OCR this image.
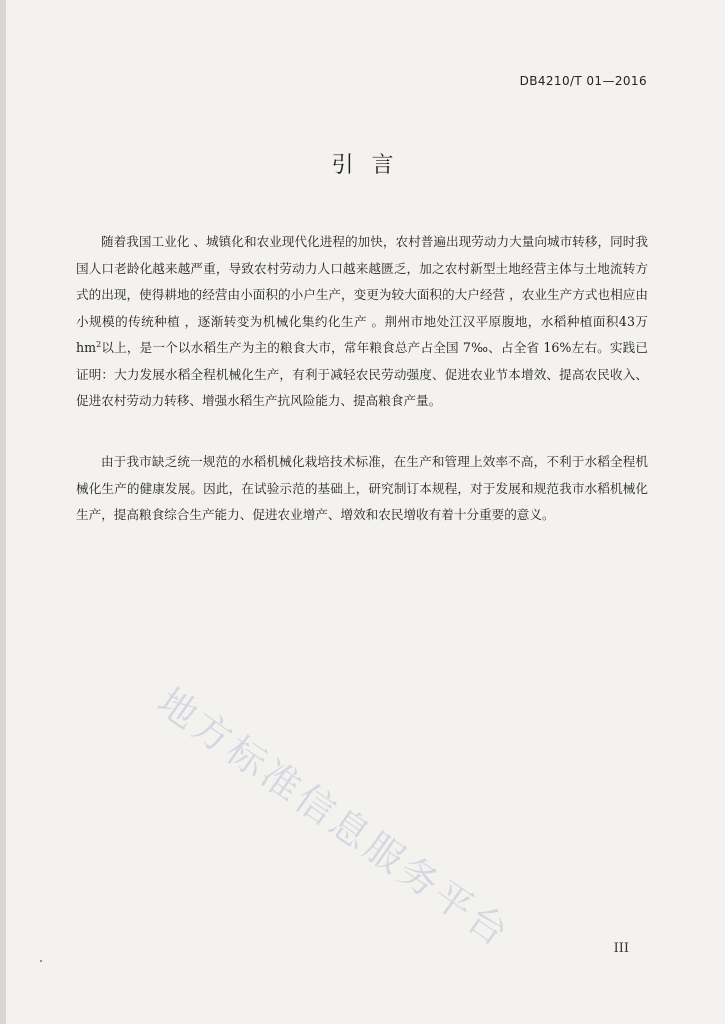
DB4210/T 01—2016
引言

随着我国工业化 、城镇化和农业现代化进程的加快，农村普遍出现劳动力大量向城市转移，同时我国人口老龄化越来越严重，导致农村劳动力人口越来越匮乏，加之农村新型土地经营主体与土地流转方式的出现，使得耕地的经营由小面积的小户生产，变更为较大面积的大户经营 ，农业生产方式也相应由小规模的传统种植 ，逐渐转变为机械化集约化生产 。荆州市地处江汉平原腹地，水稻种植面积43万$hm^2$以上，是一个以水稻生产为主的粮食大市，常年粮食总产占全国 7‰、占全省 16%左右。实践已证明：大力发展水稻全程机械化生产，有利于减轻农民劳动强度、促进农业节本增效、提高农民收入、促进农村劳动力转移、增强水稻生产抗风险能力、提高粮食产量。

由于我市缺乏统一规范的水稻机械化栽培技术标准，在生产和管理上效率不高，不利于水稻全程机械化生产的健康发展。因此，在试验示范的基础上，研究制订本规程，对于发展和规范我市水稻机械化生产，提高粮食综合生产能力、促进农业增产、增效和农民增收有着十分重要的意义。

地方标准信息服务平台	III
